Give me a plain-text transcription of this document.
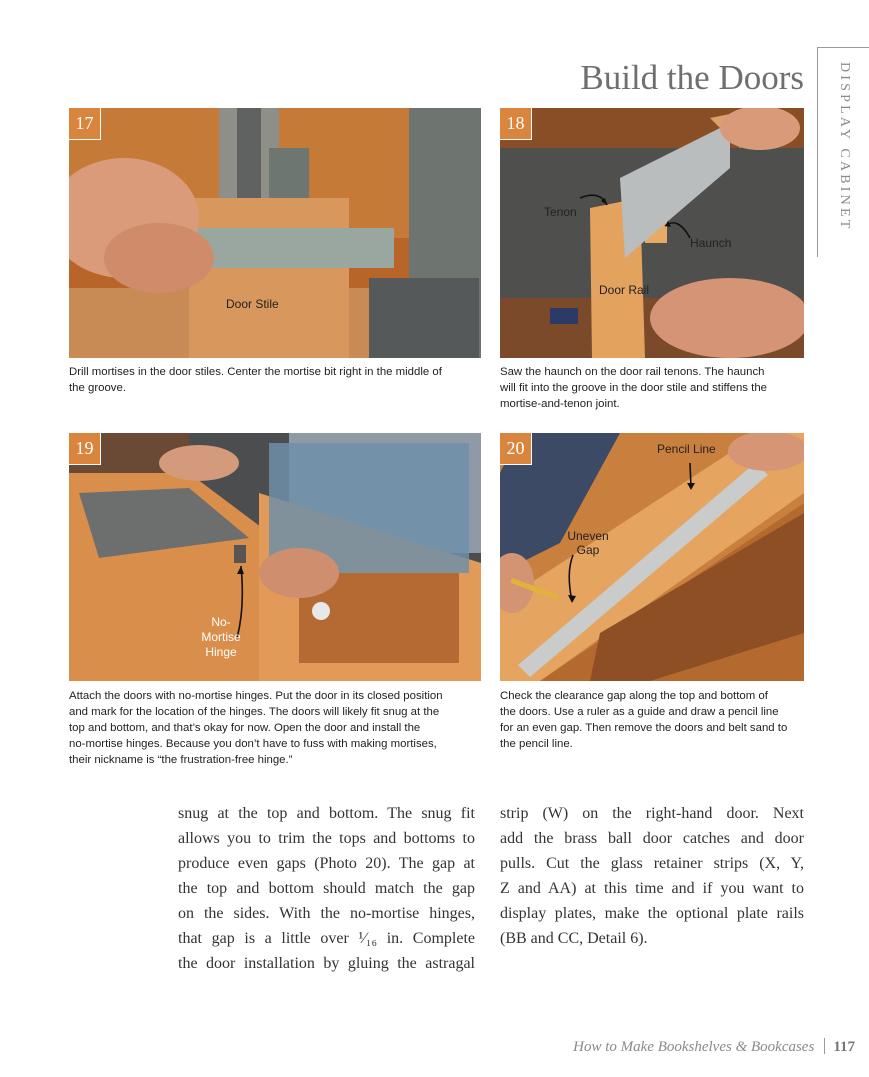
DISPLAY CABINET
Build the Doors
17
Door Stile
18
Tenon
Haunch
Door Rail
Drill mortises in the door stiles. Center the mortise bit right in the middle of
the groove.
Saw the haunch on the door rail tenons. The haunch
will fit into the groove in the door stile and stiffens the
mortise-and-tenon joint.
19
No-
Mortise
Hinge
20	Pencil Line
Uneven
Gap
Attach the doors with no-mortise hinges. Put the door in its closed position
and mark for the location of the hinges. The doors will likely fit snug at the
top and bottom, and that’s okay for now. Open the door and install the
no-mortise hinges. Because you don’t have to fuss with making mortises,
their nickname is “the frustration-free hinge.”
Check the clearance gap along the top and bottom of
the doors. Use a ruler as a guide and draw a pencil line
for an even gap. Then remove the doors and belt sand to
the pencil line.
snug at the top and bottom. The snug fit
allows you to trim the tops and bottoms to
produce even gaps (Photo 20). The gap at
the top and bottom should match the gap
on the sides. With the no-mortise hinges,
that gap is a little over ¹⁄₁₆ in. Complete
the door installation by gluing the astragal
strip (W) on the right-hand door. Next
add the brass ball door catches and door
pulls. Cut the glass retainer strips (X, Y,
Z and AA) at this time and if you want to
display plates, make the optional plate rails
(BB and CC, Detail 6).
How to Make Bookshelves & Bookcases 117
